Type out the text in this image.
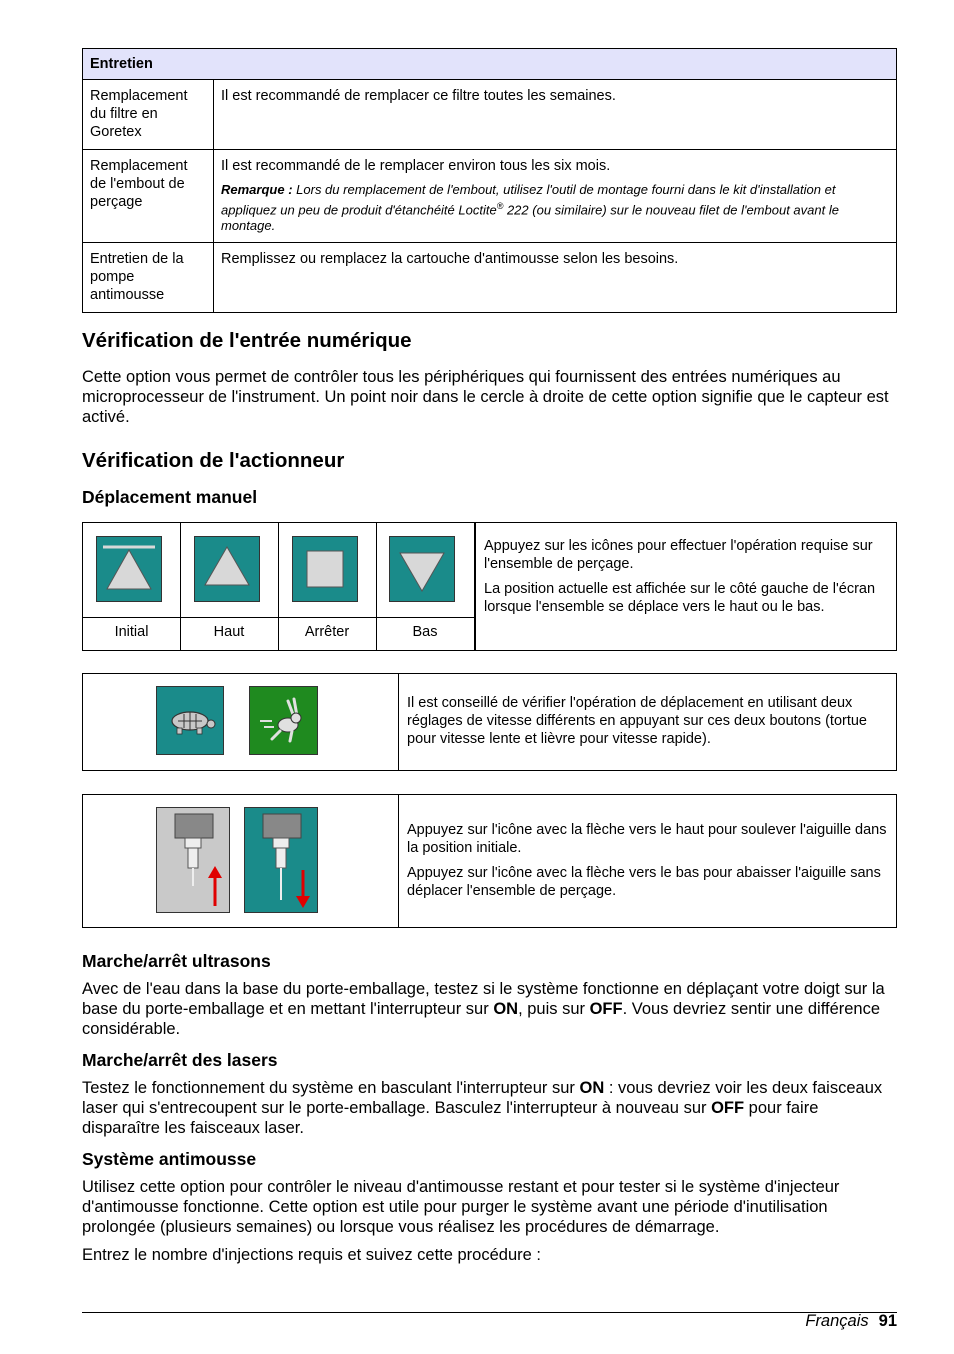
Entretien	
Remplacement du filtre en Goretex	Il est recommandé de remplacer ce filtre toutes les semaines.
Remplacement de l'embout de perçage	Il est recommandé de le remplacer environ tous les six mois.
Remarque : Lors du remplacement de l'embout, utilisez l'outil de montage fourni dans le kit d'installation et appliquez un peu de produit d'étanchéité Loctite® 222 (ou similaire) sur le nouveau filet de l'embout avant le montage.

Entretien de la pompe antimousse	Remplissez ou remplacez la cartouche d'antimousse selon les besoins.
Vérification de l'entrée numérique

Cette option vous permet de contrôler tous les périphériques qui fournissent des entrées numériques au microprocesseur de l'instrument. Un point noir dans le cercle à droite de cette option signifie que le capteur est activé.

Vérification de l'actionneur
Déplacement manuel
Initial	Haut	Arrêter	Bas

Appuyez sur les icônes pour effectuer l'opération requise sur l'ensemble de perçage.

La position actuelle est affichée sur le côté gauche de l'écran lorsque l'ensemble se déplace vers le haut ou le bas.

Il est conseillé de vérifier l'opération de déplacement en utilisant deux réglages de vitesse différents en appuyant sur ces deux boutons (tortue pour vitesse lente et lièvre pour vitesse rapide).

Appuyez sur l'icône avec la flèche vers le haut pour soulever l'aiguille dans la position initiale.

Appuyez sur l'icône avec la flèche vers le bas pour abaisser l'aiguille sans déplacer l'ensemble de perçage.

Marche/arrêt ultrasons

Avec de l'eau dans la base du porte-emballage, testez si le système fonctionne en déplaçant votre doigt sur la base du porte-emballage et en mettant l'interrupteur sur ON, puis sur OFF. Vous devriez sentir une différence considérable.

Marche/arrêt des lasers

Testez le fonctionnement du système en basculant l'interrupteur sur ON : vous devriez voir les deux faisceaux laser qui s'entrecoupent sur le porte-emballage. Basculez l'interrupteur à nouveau sur OFF pour faire disparaître les faisceaux laser.

Système antimousse

Utilisez cette option pour contrôler le niveau d'antimousse restant et pour tester si le système d'injecteur d'antimousse fonctionne. Cette option est utile pour purger le système avant une période d'inutilisation prolongée (plusieurs semaines) ou lorsque vous réalisez les procédures de démarrage.

Entrez le nombre d'injections requis et suivez cette procédure :

Français 91
